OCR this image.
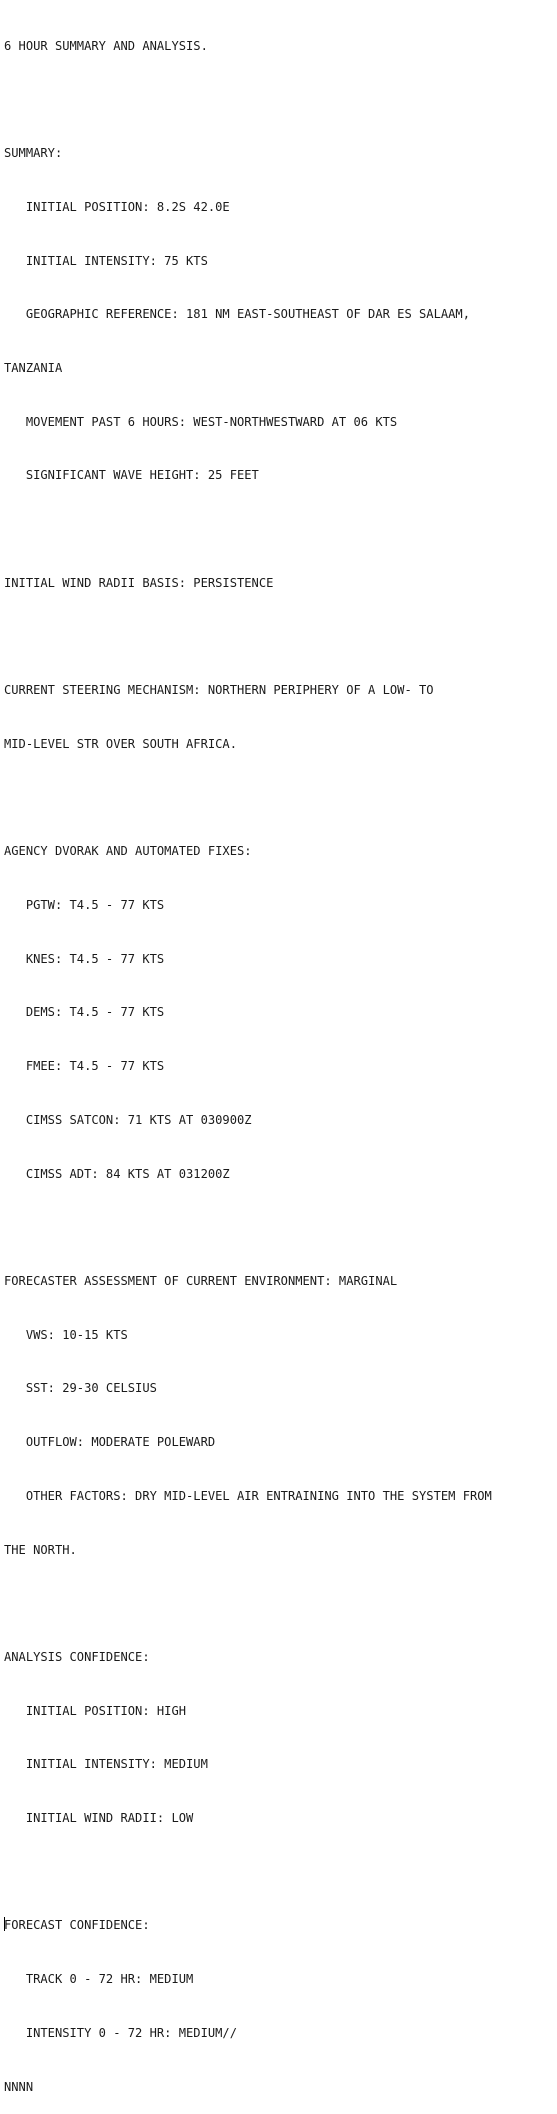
6 HOUR SUMMARY AND ANALYSIS.

SUMMARY:

INITIAL POSITION: 8.2S 42.0E

INITIAL INTENSITY: 75 KTS

GEOGRAPHIC REFERENCE: 181 NM EAST-SOUTHEAST OF DAR ES SALAAM,

TANZANIA

MOVEMENT PAST 6 HOURS: WEST-NORTHWESTWARD AT 06 KTS

SIGNIFICANT WAVE HEIGHT: 25 FEET

INITIAL WIND RADII BASIS: PERSISTENCE

CURRENT STEERING MECHANISM: NORTHERN PERIPHERY OF A LOW- TO

MID-LEVEL STR OVER SOUTH AFRICA.

AGENCY DVORAK AND AUTOMATED FIXES:

PGTW: T4.5 - 77 KTS

KNES: T4.5 - 77 KTS

DEMS: T4.5 - 77 KTS

FMEE: T4.5 - 77 KTS

CIMSS SATCON: 71 KTS AT 030900Z

CIMSS ADT: 84 KTS AT 031200Z

FORECASTER ASSESSMENT OF CURRENT ENVIRONMENT: MARGINAL

VWS: 10-15 KTS

SST: 29-30 CELSIUS

OUTFLOW: MODERATE POLEWARD

OTHER FACTORS: DRY MID-LEVEL AIR ENTRAINING INTO THE SYSTEM FROM

THE NORTH.

ANALYSIS CONFIDENCE:

INITIAL POSITION: HIGH

INITIAL INTENSITY: MEDIUM

INITIAL WIND RADII: LOW

FORECAST CONFIDENCE:

TRACK 0 - 72 HR: MEDIUM

INTENSITY 0 - 72 HR: MEDIUM//

NNNN
